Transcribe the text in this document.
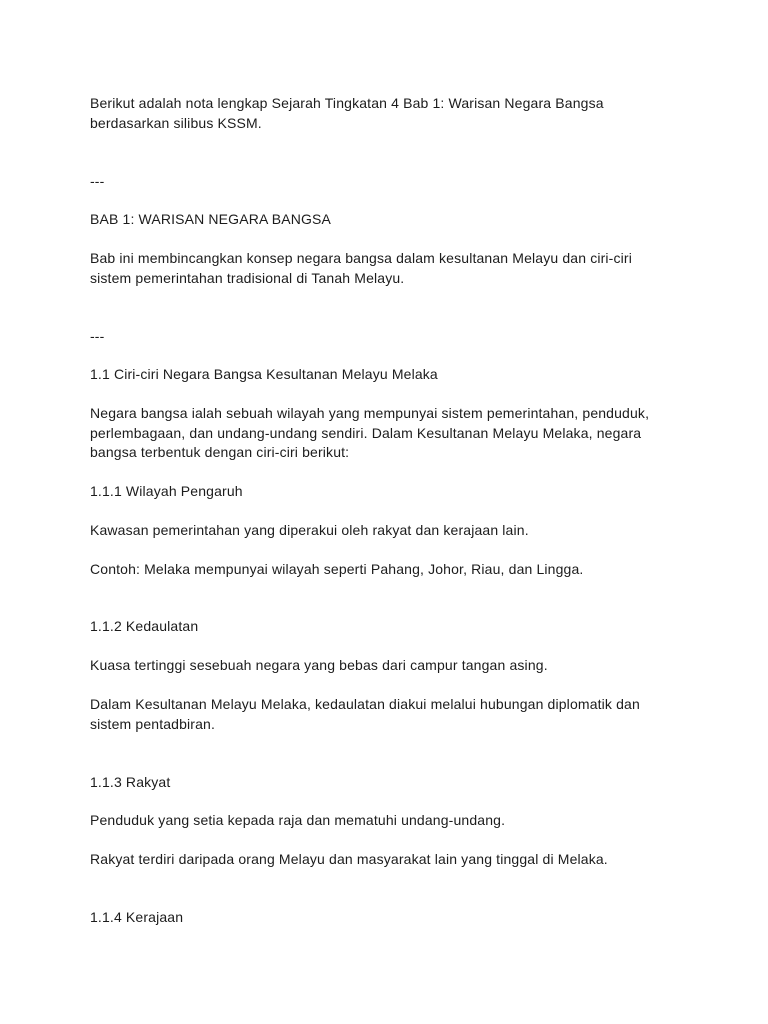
Berikut adalah nota lengkap Sejarah Tingkatan 4 Bab 1: Warisan Negara Bangsa

berdasarkan silibus KSSM.

---

BAB 1: WARISAN NEGARA BANGSA

Bab ini membincangkan konsep negara bangsa dalam kesultanan Melayu dan ciri-ciri

sistem pemerintahan tradisional di Tanah Melayu.

---

1.1 Ciri-ciri Negara Bangsa Kesultanan Melayu Melaka

Negara bangsa ialah sebuah wilayah yang mempunyai sistem pemerintahan, penduduk,

perlembagaan, dan undang-undang sendiri. Dalam Kesultanan Melayu Melaka, negara

bangsa terbentuk dengan ciri-ciri berikut:

1.1.1 Wilayah Pengaruh

Kawasan pemerintahan yang diperakui oleh rakyat dan kerajaan lain.

Contoh: Melaka mempunyai wilayah seperti Pahang, Johor, Riau, dan Lingga.

1.1.2 Kedaulatan

Kuasa tertinggi sesebuah negara yang bebas dari campur tangan asing.

Dalam Kesultanan Melayu Melaka, kedaulatan diakui melalui hubungan diplomatik dan

sistem pentadbiran.

1.1.3 Rakyat

Penduduk yang setia kepada raja dan mematuhi undang-undang.

Rakyat terdiri daripada orang Melayu dan masyarakat lain yang tinggal di Melaka.

1.1.4 Kerajaan
